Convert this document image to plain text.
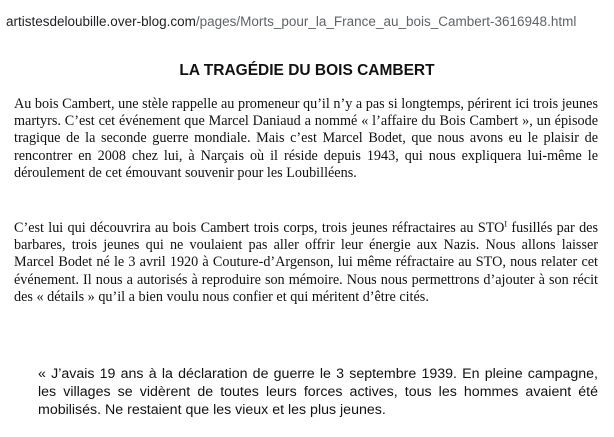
artistesdeloubille.over-blog.com/pages/Morts_pour_la_France_au_bois_Cambert-3616948.html
LA TRAGÉDIE DU BOIS CAMBERT

Au bois Cambert, une stèle rappelle au promeneur qu’il n’y a pas si longtemps, périrent ici trois jeunes martyrs. C’est cet événement que Marcel Daniaud a nommé « l’affaire du Bois Cambert », un épisode tragique de la seconde guerre mondiale. Mais c’est Marcel Bodet, que nous avons eu le plaisir de rencontrer en 2008 chez lui, à Narçais où il réside depuis 1943, qui nous expliquera lui-même le déroulement de cet émouvant souvenir pour les Loubilléens.

C’est lui qui découvrira au bois Cambert trois corps, trois jeunes réfractaires au $STO^I$ fusillés par des barbares, trois jeunes qui ne voulaient pas aller offrir leur énergie aux Nazis. Nous allons laisser Marcel Bodet né le 3 avril 1920 à Couture-d’Argenson, lui même réfractaire au STO, nous relater cet événement. Il nous a autorisés à reproduire son mémoire. Nous nous permettrons d’ajouter à son récit des « détails » qu’il a bien voulu nous confier et qui méritent d’être cités.

« J’avais 19 ans à la déclaration de guerre le 3 septembre 1939. En pleine campagne, les villages se vidèrent de toutes leurs forces actives, tous les hommes avaient été mobilisés. Ne restaient que les vieux et les plus jeunes.
